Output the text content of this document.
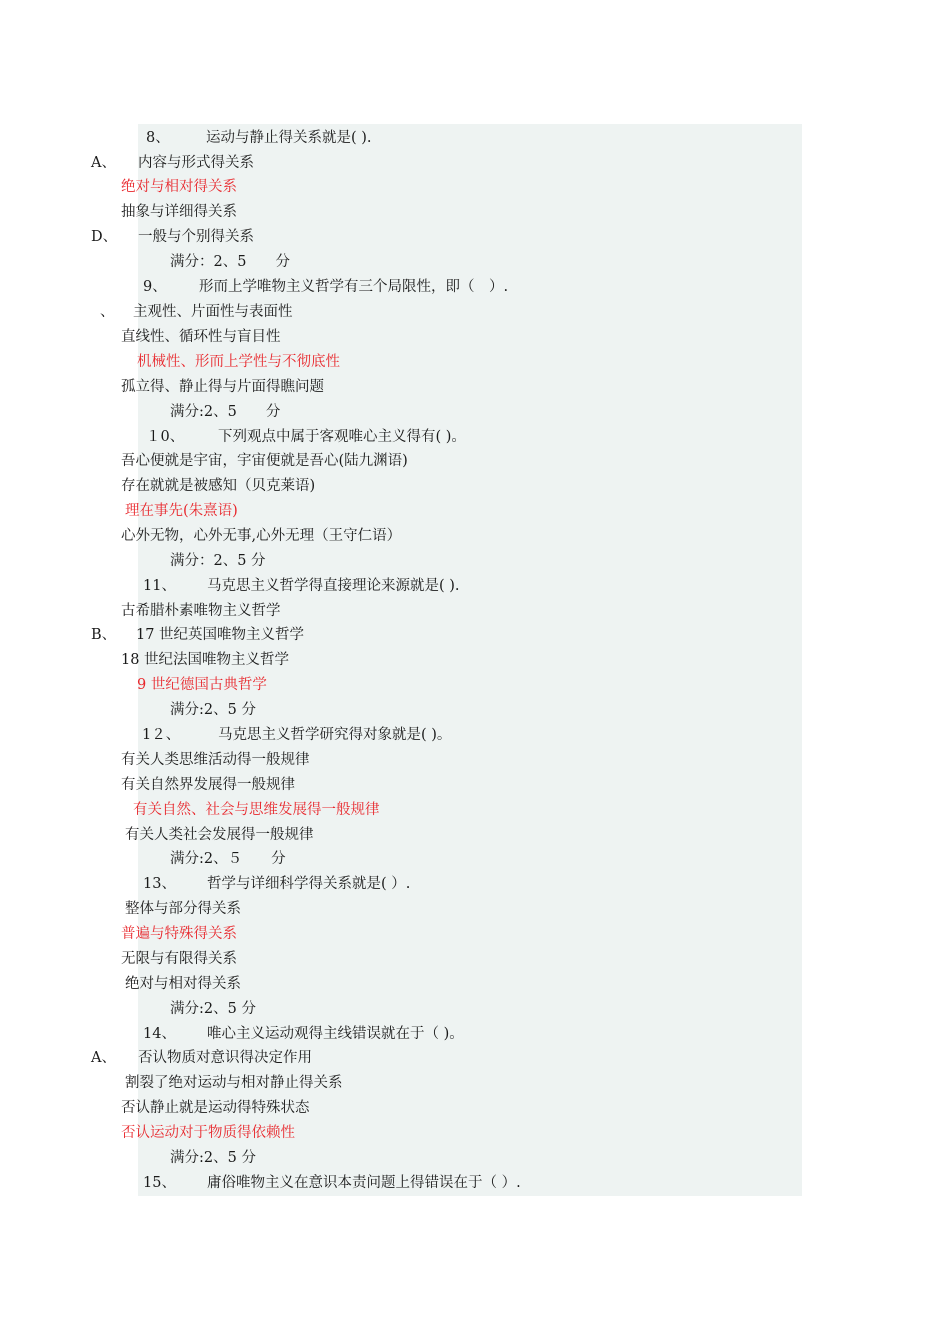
8、	运动与静止得关系就是( ).
A、 内容与形式得关系
绝对与相对得关系
抽象与详细得关系
D、 一般与个别得关系
满分：2、5　　分
9、 形而上学唯物主义哲学有三个局限性，即（　）.
、 主观性、片面性与表面性
直线性、循环性与盲目性
机械性、形而上学性与不彻底性
孤立得、静止得与片面得瞧问题
满分:2、5　　分
１0、 下列观点中属于客观唯心主义得有( )。
吾心便就是宇宙，宇宙便就是吾心(陆九渊语)
存在就就是被感知（贝克莱语)
理在事先(朱熹语)
心外无物，心外无事,心外无理（王守仁语）
满分：2、5 分
11、 马克思主义哲学得直接理论来源就是( ).
古希腊朴素唯物主义哲学
B、 17 世纪英国唯物主义哲学
18 世纪法国唯物主义哲学
9 世纪德国古典哲学
满分:2、5 分
1２、	马克思主义哲学研究得对象就是( )。
有关人类思维活动得一般规律
有关自然界发展得一般规律
有关自然、社会与思维发展得一般规律
有关人类社会发展得一般规律
满分:2、５　　分
13、 哲学与详细科学得关系就是( ）.
整体与部分得关系
普遍与特殊得关系
无限与有限得关系
绝对与相对得关系
满分:2、5 分
14、 唯心主义运动观得主线错误就在于（ )。
A、 否认物质对意识得决定作用
割裂了绝对运动与相对静止得关系
否认静止就是运动得特殊状态
否认运动对于物质得依赖性
满分:2、5 分
15、 庸俗唯物主义在意识本责问题上得错误在于（ ）.
